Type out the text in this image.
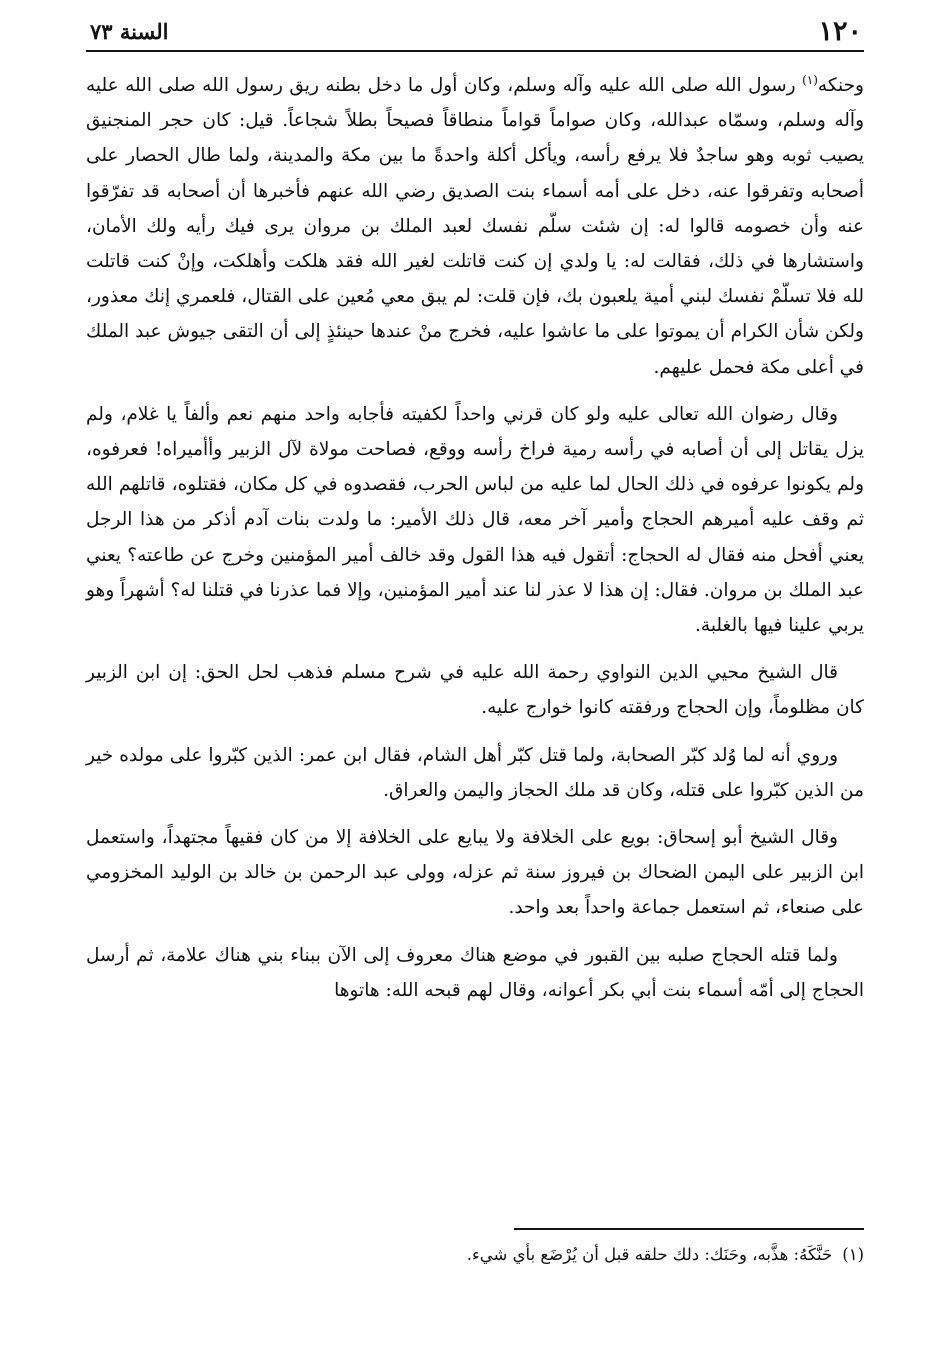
١٢٠
السنة ٧٣

وحنكه$^{(١)}$ رسول الله صلى الله عليه وآله وسلم، وكان أول ما دخل بطنه ريق رسول الله صلى الله عليه وآله وسلم، وسمّاه عبدالله، وكان صواماً قواماً منطاقاً فصيحاً بطلاً شجاعاً. قيل: كان حجر المنجنيق يصيب ثوبه وهو ساجدٌ فلا يرفع رأسه، ويأكل أكلة واحدةً ما بين مكة والمدينة، ولما طال الحصار على أصحابه وتفرقوا عنه، دخل على أمه أسماء بنت الصديق رضي الله عنهم فأخبرها أن أصحابه قد تفرّقوا عنه وأن خصومه قالوا له: إن شئت سلّم نفسك لعبد الملك بن مروان يرى فيك رأيه ولك الأمان، واستشارها في ذلك، فقالت له: يا ولدي إن كنت قاتلت لغير الله فقد هلكت وأهلكت، وإنْ كنت قاتلت لله فلا تسلّمْ نفسك لبني أمية يلعبون بك، فإن قلت: لم يبق معي مُعين على القتال، فلعمري إنك معذور، ولكن شأن الكرام أن يموتوا على ما عاشوا عليه، فخرج منْ عندها حينئذٍ إلى أن التقى جيوش عبد الملك في أعلى مكة فحمل عليهم.

وقال رضوان الله تعالى عليه ولو كان قرني واحداً لكفيته فأجابه واحد منهم نعم وألفاً يا غلام، ولم يزل يقاتل إلى أن أصابه في رأسه رمية فراخ رأسه ووقع، فصاحت مولاة لآل الزبير وأأميراه! فعرفوه، ولم يكونوا عرفوه في ذلك الحال لما عليه من لباس الحرب، فقصدوه في كل مكان، فقتلوه، قاتلهم الله ثم وقف عليه أميرهم الحجاج وأمير آخر معه، قال ذلك الأمير: ما ولدت بنات آدم أذكر من هذا الرجل يعني أفحل منه فقال له الحجاج: أتقول فيه هذا القول وقد خالف أمير المؤمنين وخرج عن طاعته؟ يعني عبد الملك بن مروان. فقال: إن هذا لا عذر لنا عند أمير المؤمنين، وإلا فما عذرنا في قتلنا له؟ أشهراً وهو يربي علينا فيها بالغلبة.

قال الشيخ محيي الدين النواوي رحمة الله عليه في شرح مسلم فذهب لحل الحق: إن ابن الزبير كان مظلوماً، وإن الحجاج ورفقته كانوا خوارج عليه.

وروي أنه لما وُلد كبّر الصحابة، ولما قتل كبّر أهل الشام، فقال ابن عمر: الذين كبّروا على مولده خير من الذين كبّروا على قتله، وكان قد ملك الحجاز واليمن والعراق.

وقال الشيخ أبو إسحاق: بويع على الخلافة ولا يبايع على الخلافة إلا من كان فقيهاً مجتهداً، واستعمل ابن الزبير على اليمن الضحاك بن فيروز سنة ثم عزله، وولى عبد الرحمن بن خالد بن الوليد المخزومي على صنعاء، ثم استعمل جماعة واحداً بعد واحد.

ولما قتله الحجاج صلبه بين القبور في موضع هناك معروف إلى الآن ببناء بني هناك علامة، ثم أرسل الحجاج إلى أمّه أسماء بنت أبي بكر أعوانه، وقال لهم قبحه الله: هاتوها

(١)حَنَّكَهُ: هذَّبه، وحَنَك: دلك حلقه قبل أن يُرْضَع بأي شيء.
